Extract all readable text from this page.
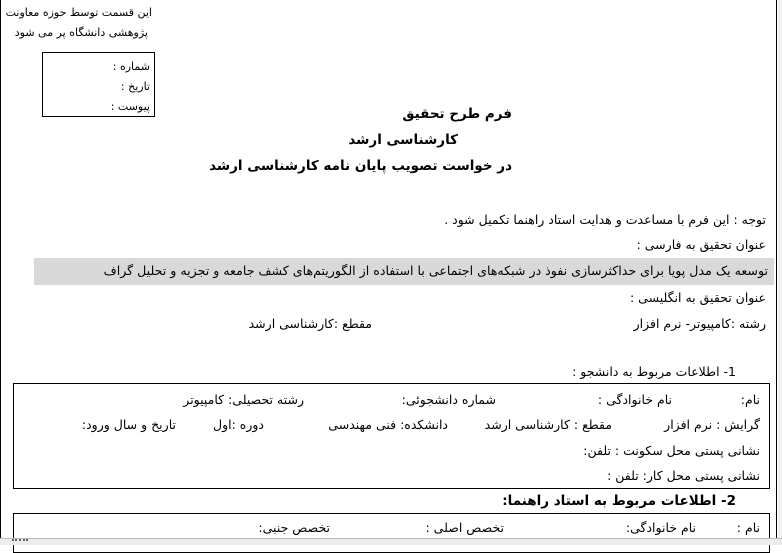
این قسمت توسط حوزه معاونت
پژوهشی دانشگاه پر می شود
شماره :
تاریخ :
پیوست :	فرم طرح تحقیق
کارشناسی ارشد
در خواست تصویب پایان نامه کارشناسی ارشد
توجه : این فرم با مساعدت و هدایت استاد راهنما تکمیل شود .
عنوان تحقیق به فارسی :
توسعه یک مدل پویا برای حداکثرسازی نفوذ در شبکه‌های اجتماعی با استفاده از الگوریتم‌های کشف جامعه و تجزیه و تحلیل گراف
عنوان تحقیق به انگلیسی :
رشته :کامپیوتر- نرم افزار
مقطع :کارشناسی ارشد
1- اطلاعات مربوط به دانشجو :
نام:
نام خانوادگی :
شماره دانشجوئی:
رشته تحصیلی: کامپیوتر
گرایش : نرم افزار
مقطع : کارشناسی ارشد
دانشکده: فنی مهندسی
دوره :اول
تاریخ و سال ورود:
نشانی پستی محل سکونت : تلفن:
نشانی پستی محل کار: تلفن :
2- اطلاعات مربوط به استاد راهنما:
نام :
نام خانوادگی:
تخصص اصلی :
تخصص جنبی:
